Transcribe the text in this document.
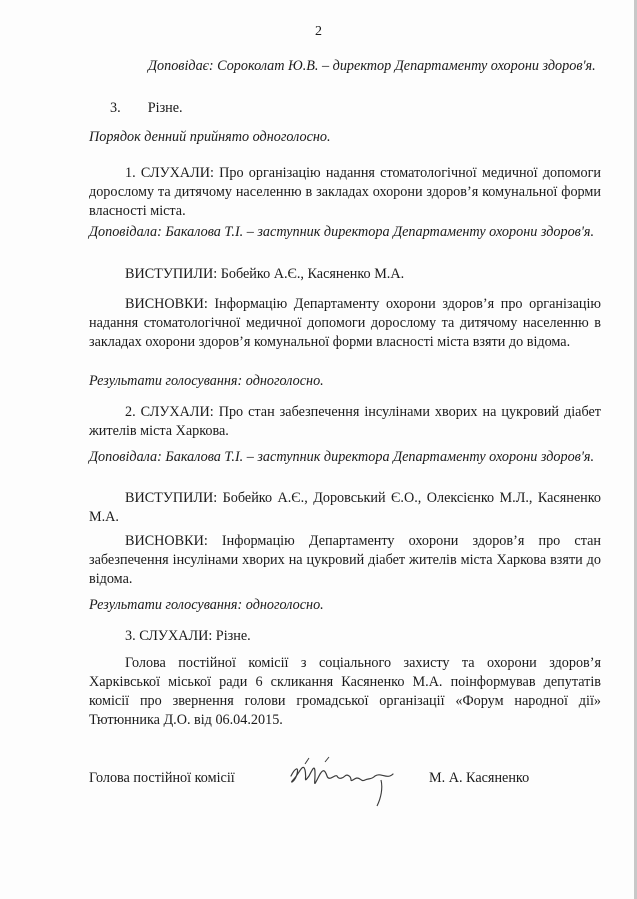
2
Доповідає: Сороколат Ю.В. – директор Департаменту охорони здоров'я.
3. Різне.
Порядок денний прийнято одноголосно.
1. СЛУХАЛИ: Про організацію надання стоматологічної медичної допомоги дорослому та дитячому населенню в закладах охорони здоров’я комунальної форми власності міста.
Доповідала: Бакалова Т.І. – заступник директора Департаменту охорони здоров'я.
ВИСТУПИЛИ: Бобейко А.Є., Касяненко М.А.
ВИСНОВКИ: Інформацію Департаменту охорони здоров’я про організацію надання стоматологічної медичної допомоги дорослому та дитячому населенню в закладах охорони здоров’я комунальної форми власності міста взяти до відома.
Результати голосування: одноголосно.
2. СЛУХАЛИ: Про стан забезпечення інсулінами хворих на цукровий діабет жителів міста Харкова.
Доповідала: Бакалова Т.І. – заступник директора Департаменту охорони здоров'я.
ВИСТУПИЛИ: Бобейко А.Є., Доровський Є.О., Олексієнко М.Л., Касяненко М.А.
ВИСНОВКИ: Інформацію Департаменту охорони здоров’я про стан забезпечення інсулінами хворих на цукровий діабет жителів міста Харкова взяти до відома.
Результати голосування: одноголосно.
3. СЛУХАЛИ: Різне.
Голова постійної комісії з соціального захисту та охорони здоров’я Харківської міської ради 6 скликання Касяненко М.А. поінформував депутатів комісії про звернення голови громадської організації «Форум народної дії» Тютюнника Д.О. від 06.04.2015.
Голова постійної комісії	М. А. Касяненко
